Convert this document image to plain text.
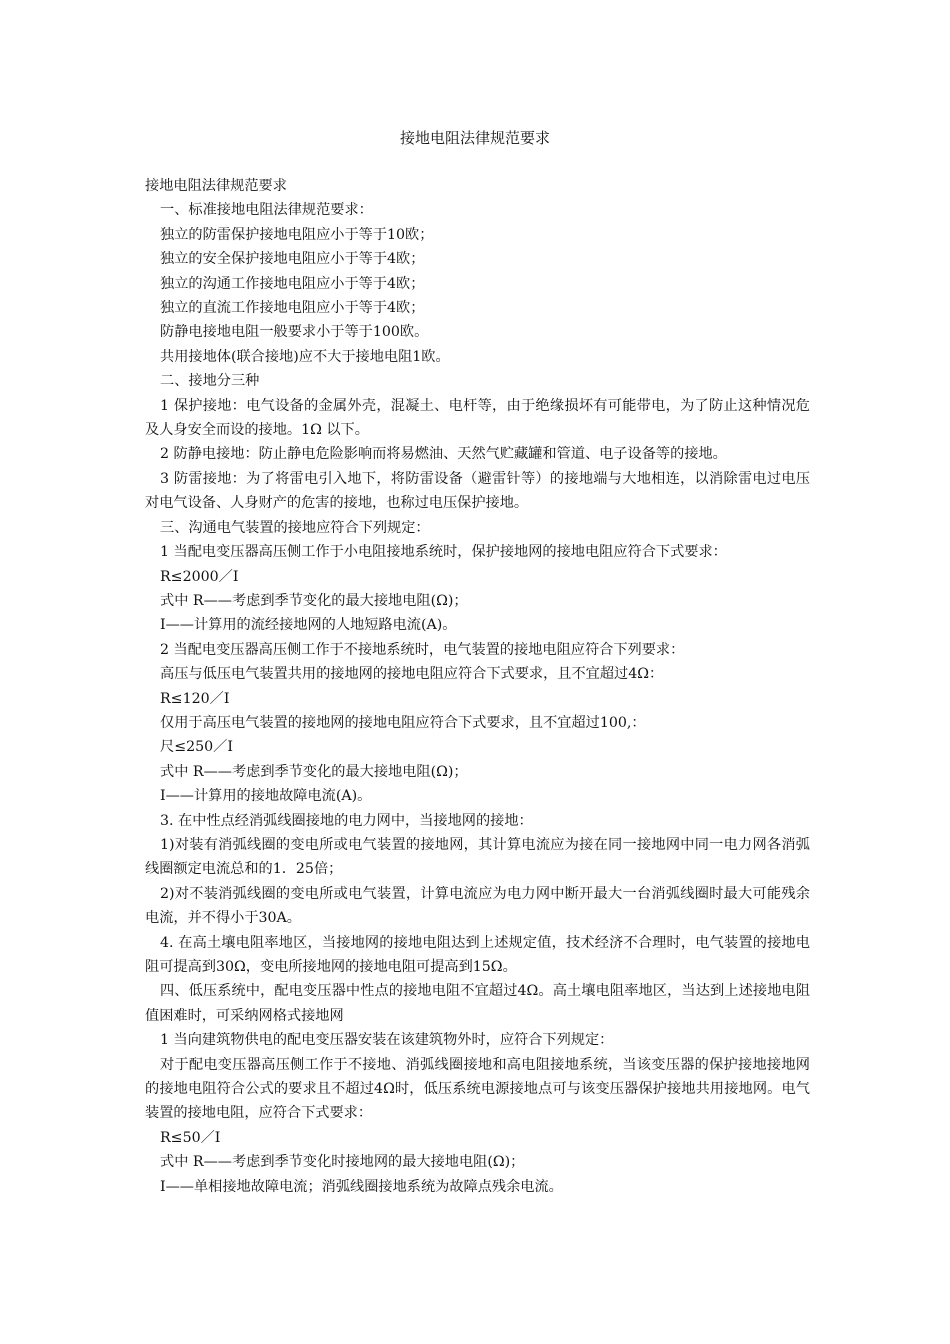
接地电阻法律规范要求
接地电阻法律规范要求
一、标准接地电阻法律规范要求：
独立的防雷保护接地电阻应小于等于10欧；
独立的安全保护接地电阻应小于等于4欧；
独立的沟通工作接地电阻应小于等于4欧；
独立的直流工作接地电阻应小于等于4欧；
防静电接地电阻一般要求小于等于100欧。
共用接地体(联合接地)应不大于接地电阻1欧。
二、接地分三种
1 保护接地：电气设备的金属外壳，混凝土、电杆等，由于绝缘损坏有可能带电，为了防止这种情况危及人身安全而设的接地。1Ω 以下。
2 防静电接地：防止静电危险影响而将易燃油、天然气贮藏罐和管道、电子设备等的接地。
3 防雷接地：为了将雷电引入地下，将防雷设备（避雷针等）的接地端与大地相连，以消除雷电过电压对电气设备、人身财产的危害的接地，也称过电压保护接地。
三、沟通电气装置的接地应符合下列规定：
1 当配电变压器高压侧工作于小电阻接地系统时，保护接地网的接地电阻应符合下式要求：
R≤2000／I
式中 R——考虑到季节变化的最大接地电阻(Ω)；
I——计算用的流经接地网的人地短路电流(A)。
2 当配电变压器高压侧工作于不接地系统时，电气装置的接地电阻应符合下列要求：
高压与低压电气装置共用的接地网的接地电阻应符合下式要求，且不宜超过4Ω：
R≤120／I
仅用于高压电气装置的接地网的接地电阻应符合下式要求，且不宜超过100,：
尺≤250／I
式中 R——考虑到季节变化的最大接地电阻(Ω)；
I——计算用的接地故障电流(A)。
3. 在中性点经消弧线圈接地的电力网中，当接地网的接地：
1)对装有消弧线圈的变电所或电气装置的接地网，其计算电流应为接在同一接地网中同一电力网各消弧线圈额定电流总和的1．25倍；
2)对不装消弧线圈的变电所或电气装置，计算电流应为电力网中断开最大一台消弧线圈时最大可能残余电流，并不得小于30A。
4. 在高土壤电阻率地区，当接地网的接地电阻达到上述规定值，技术经济不合理时，电气装置的接地电阻可提高到30Ω，变电所接地网的接地电阻可提高到15Ω。
四、低压系统中，配电变压器中性点的接地电阻不宜超过4Ω。高土壤电阻率地区，当达到上述接地电阻值困难时，可采纳网格式接地网
1 当向建筑物供电的配电变压器安装在该建筑物外时，应符合下列规定：
对于配电变压器高压侧工作于不接地、消弧线圈接地和高电阻接地系统，当该变压器的保护接地接地网的接地电阻符合公式的要求且不超过4Ω时，低压系统电源接地点可与该变压器保护接地共用接地网。电气装置的接地电阻，应符合下式要求：
R≤50／I
式中 R——考虑到季节变化时接地网的最大接地电阻(Ω)；
I——单相接地故障电流；消弧线圈接地系统为故障点残余电流。
